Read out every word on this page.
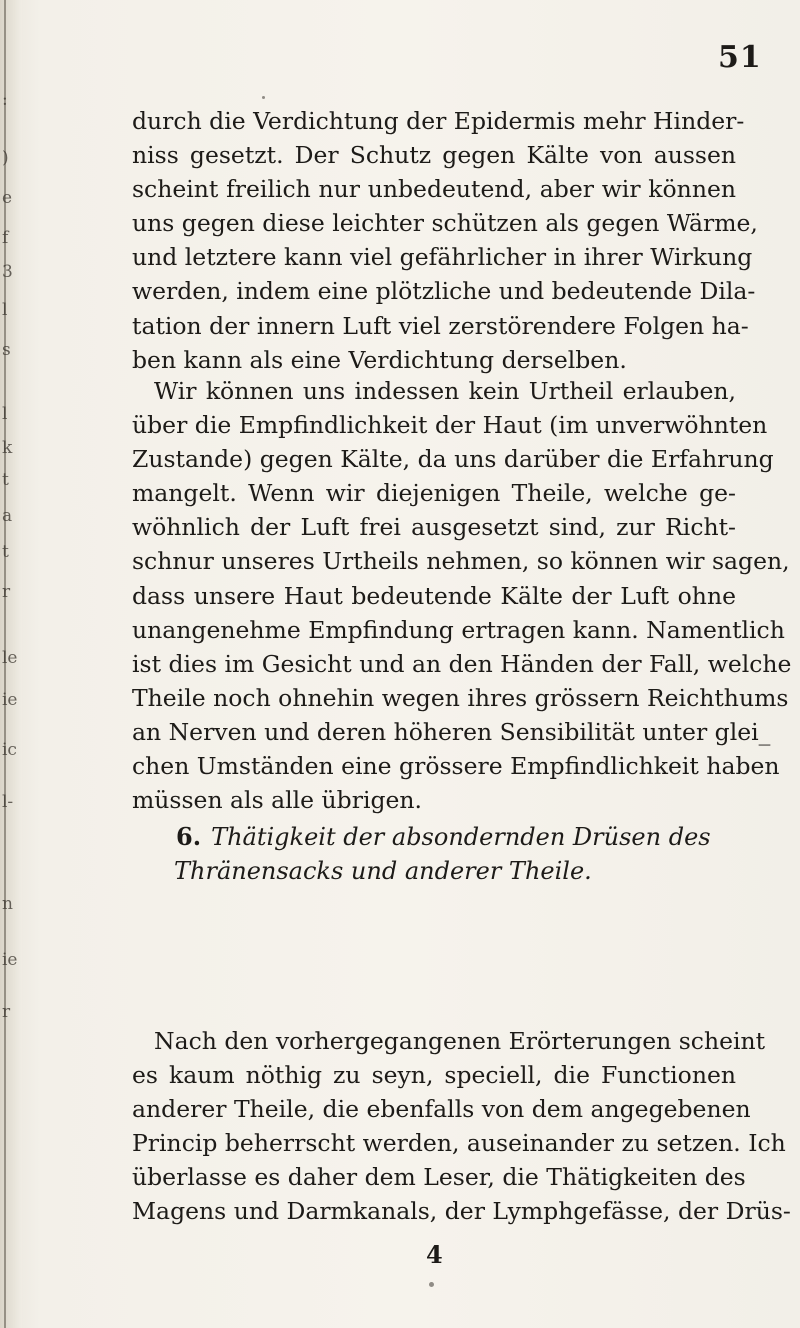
:
)
e
f
3
l
s
l
k
t
a
t
r
le
ie
ic
l-
n
ie
r
51
durch die Verdichtung der Epidermis mehr Hinder-
niss gesetzt. Der Schutz gegen Kälte von aussen
scheint freilich nur unbedeutend, aber wir können
uns gegen diese leichter schützen als gegen Wärme,
und letztere kann viel gefährlicher in ihrer Wirkung
werden, indem eine plötzliche und bedeutende Dila-
tation der innern Luft viel zerstörendere Folgen ha-
ben kann als eine Verdichtung derselben.
Wir können uns indessen kein Urtheil erlauben,
über die Empfindlichkeit der Haut (im unverwöhnten
Zustande) gegen Kälte, da uns darüber die Erfahrung
mangelt. Wenn wir diejenigen Theile, welche ge-
wöhnlich der Luft frei ausgesetzt sind, zur Richt-
schnur unseres Urtheils nehmen, so können wir sagen,
dass unsere Haut bedeutende Kälte der Luft ohne
unangenehme Empfindung ertragen kann. Namentlich
ist dies im Gesicht und an den Händen der Fall, welche
Theile noch ohnehin wegen ihres grössern Reichthums
an Nerven und deren höheren Sensibilität unter glei_
chen Umständen eine grössere Empfindlichkeit haben
müssen als alle übrigen.
6. Thätigkeit der absondernden Drüsen des
Thränensacks und anderer Theile.
Nach den vorhergegangenen Erörterungen scheint
es kaum nöthig zu seyn, speciell, die Functionen
anderer Theile, die ebenfalls von dem angegebenen
Princip beherrscht werden, auseinander zu setzen. Ich
überlasse es daher dem Leser, die Thätigkeiten des
Magens und Darmkanals, der Lymphgefässe, der Drüs-
4
